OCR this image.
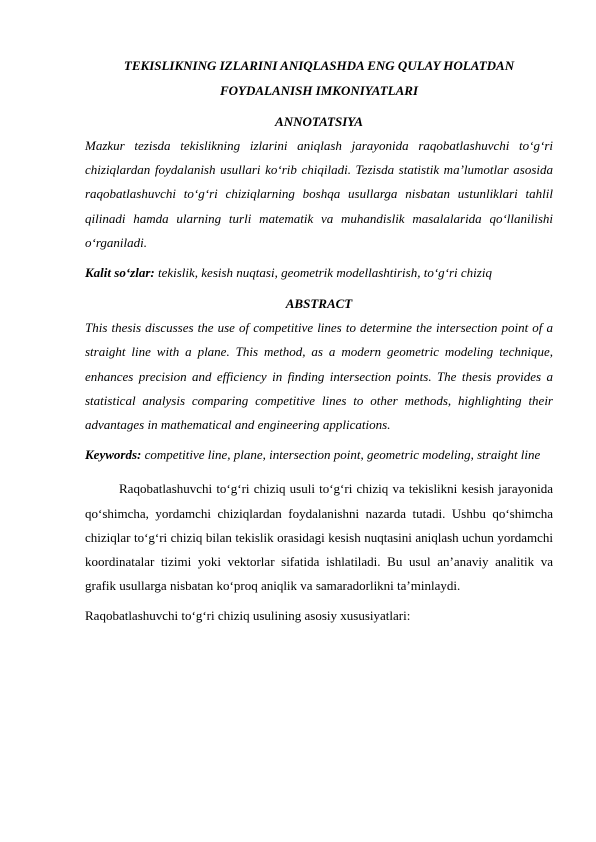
TEKISLIKNING IZLARINI ANIQLASHDA ENG QULAY HOLATDAN
FOYDALANISH IMKONIYATLARI

ANNOTATSIYA

Mazkur tezisda tekislikning izlarini aniqlash jarayonida raqobatlashuvchi to‘g‘ri chiziqlardan foydalanish usullari ko‘rib chiqiladi. Tezisda statistik ma’lumotlar asosida raqobatlashuvchi to‘g‘ri chiziqlarning boshqa usullarga nisbatan ustunliklari tahlil qilinadi hamda ularning turli matematik va muhandislik masalalarida qo‘llanilishi o‘rganiladi.

Kalit so‘zlar: tekislik, kesish nuqtasi, geometrik modellashtirish, to‘g‘ri chiziq

ABSTRACT

This thesis discusses the use of competitive lines to determine the intersection point of a straight line with a plane. This method, as a modern geometric modeling technique, enhances precision and efficiency in finding intersection points. The thesis provides a statistical analysis comparing competitive lines to other methods, highlighting their advantages in mathematical and engineering applications.

Keywords: competitive line, plane, intersection point, geometric modeling, straight line

Raqobatlashuvchi to‘g‘ri chiziq usuli to‘g‘ri chiziq va tekislikni kesish jarayonida qo‘shimcha, yordamchi chiziqlardan foydalanishni nazarda tutadi. Ushbu qo‘shimcha chiziqlar to‘g‘ri chiziq bilan tekislik orasidagi kesish nuqtasini aniqlash uchun yordamchi koordinatalar tizimi yoki vektorlar sifatida ishlatiladi. Bu usul an’anaviy analitik va grafik usullarga nisbatan ko‘proq aniqlik va samaradorlikni ta’minlaydi.

Raqobatlashuvchi to‘g‘ri chiziq usulining asosiy xususiyatlari:
